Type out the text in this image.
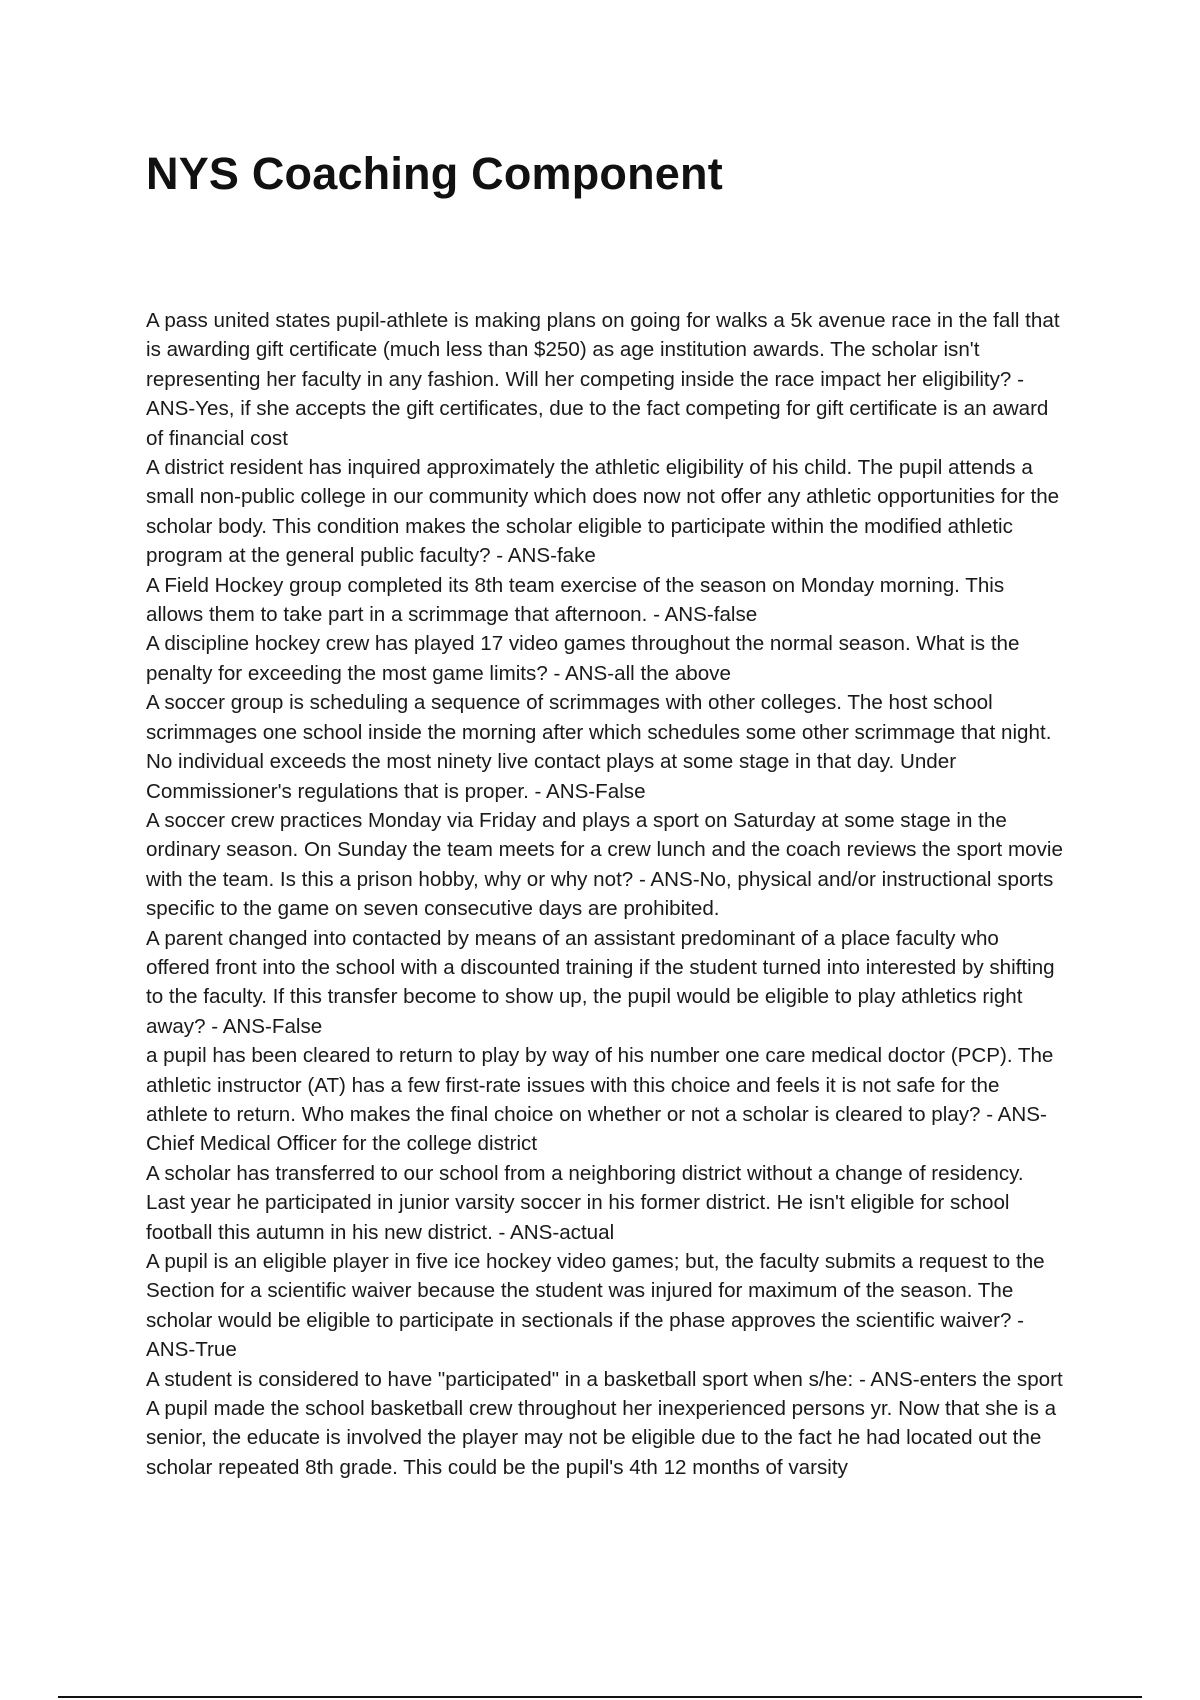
NYS Coaching Component

A pass united states pupil-athlete is making plans on going for walks a 5k avenue race in the fall that is awarding gift certificate (much less than $250) as age institution awards. The scholar isn't representing her faculty in any fashion. Will her competing inside the race impact her eligibility? - ANS-Yes, if she accepts the gift certificates, due to the fact competing for gift certificate is an award of financial cost

A district resident has inquired approximately the athletic eligibility of his child. The pupil attends a small non-public college in our community which does now not offer any athletic opportunities for the scholar body. This condition makes the scholar eligible to participate within the modified athletic program at the general public faculty? - ANS-fake

A Field Hockey group completed its 8th team exercise of the season on Monday morning. This allows them to take part in a scrimmage that afternoon. - ANS-false

A discipline hockey crew has played 17 video games throughout the normal season. What is the penalty for exceeding the most game limits? - ANS-all the above

A soccer group is scheduling a sequence of scrimmages with other colleges. The host school scrimmages one school inside the morning after which schedules some other scrimmage that night. No individual exceeds the most ninety live contact plays at some stage in that day. Under Commissioner's regulations that is proper. - ANS-False

A soccer crew practices Monday via Friday and plays a sport on Saturday at some stage in the ordinary season. On Sunday the team meets for a crew lunch and the coach reviews the sport movie with the team. Is this a prison hobby, why or why not? - ANS-No, physical and/or instructional sports specific to the game on seven consecutive days are prohibited.

A parent changed into contacted by means of an assistant predominant of a place faculty who offered front into the school with a discounted training if the student turned into interested by shifting to the faculty. If this transfer become to show up, the pupil would be eligible to play athletics right away? - ANS-False

a pupil has been cleared to return to play by way of his number one care medical doctor (PCP). The athletic instructor (AT) has a few first-rate issues with this choice and feels it is not safe for the athlete to return. Who makes the final choice on whether or not a scholar is cleared to play? - ANS-Chief Medical Officer for the college district

A scholar has transferred to our school from a neighboring district without a change of residency. Last year he participated in junior varsity soccer in his former district. He isn't eligible for school football this autumn in his new district. - ANS-actual

A pupil is an eligible player in five ice hockey video games; but, the faculty submits a request to the Section for a scientific waiver because the student was injured for maximum of the season. The scholar would be eligible to participate in sectionals if the phase approves the scientific waiver? - ANS-True

A student is considered to have "participated" in a basketball sport when s/he: - ANS-enters the sport

A pupil made the school basketball crew throughout her inexperienced persons yr. Now that she is a senior, the educate is involved the player may not be eligible due to the fact he had located out the scholar repeated 8th grade. This could be the pupil's 4th 12 months of varsity
